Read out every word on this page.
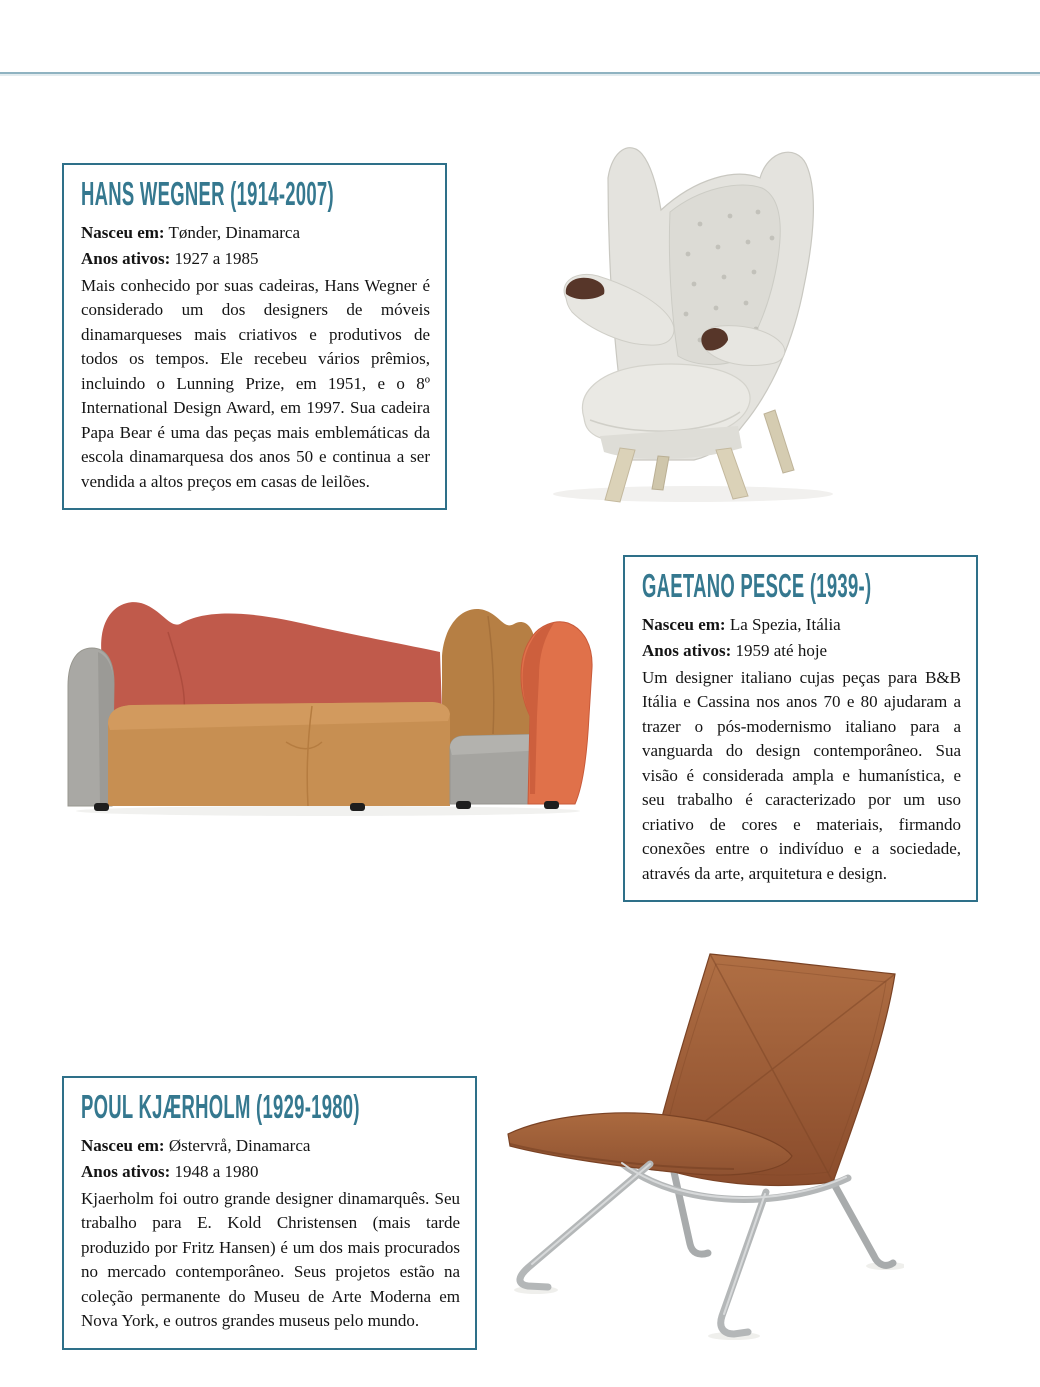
HANS WEGNER (1914-2007)
Nasceu em: Tønder, Dinamarca
Anos ativos: 1927 a 1985

Mais conhecido por suas cadeiras, Hans Wegner é considerado um dos designers de móveis dinamarqueses mais criativos e produtivos de todos os tempos. Ele recebeu vários prêmios, incluindo o Lunning Prize, em 1951, e o 8º International Design Award, em 1997. Sua cadeira Papa Bear é uma das peças mais emblemáticas da escola dinamarquesa dos anos 50 e continua a ser vendida a altos preços em casas de leilões.

GAETANO PESCE (1939-)
Nasceu em: La Spezia, Itália
Anos ativos: 1959 até hoje

Um designer italiano cujas peças para B&B Itália e Cassina nos anos 70 e 80 ajudaram a trazer o pós-modernismo italiano para a vanguarda do design contemporâneo. Sua visão é considerada ampla e humanística, e seu trabalho é caracterizado por um uso criativo de cores e materiais, firmando conexões entre o indivíduo e a sociedade, através da arte, arquitetura e design.

POUL KJÆRHOLM (1929-1980)
Nasceu em: Østervrå, Dinamarca
Anos ativos: 1948 a 1980

Kjaerholm foi outro grande designer dinamarquês. Seu trabalho para E. Kold Christensen (mais tarde produzido por Fritz Hansen) é um dos mais procurados no mercado contemporâneo. Seus projetos estão na coleção permanente do Museu de Arte Moderna em Nova York, e outros grandes museus pelo mundo.
